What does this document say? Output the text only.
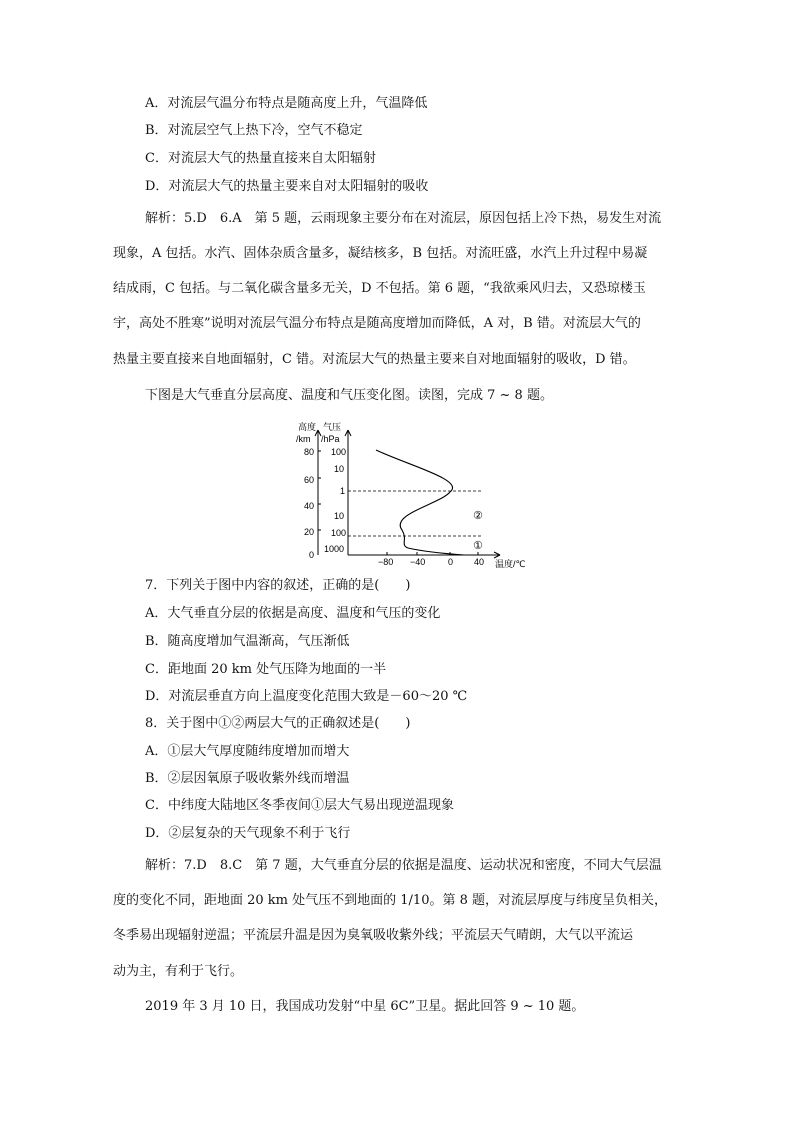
A．对流层气温分布特点是随高度上升，气温降低
B．对流层空气上热下冷，空气不稳定
C．对流层大气的热量直接来自太阳辐射
D．对流层大气的热量主要来自对太阳辐射的吸收
解析：5.D　6.A　第 5 题，云雨现象主要分布在对流层，原因包括上冷下热，易发生对流
现象，A 包括。水汽、固体杂质含量多，凝结核多，B 包括。对流旺盛，水汽上升过程中易凝
结成雨，C 包括。与二氧化碳含量多无关，D 不包括。第 6 题，“我欲乘风归去，又恐琼楼玉
宇，高处不胜寒”说明对流层气温分布特点是随高度增加而降低，A 对，B 错。对流层大气的
热量主要直接来自地面辐射，C 错。对流层大气的热量主要来自对地面辐射的吸收，D 错。
下图是大气垂直分层高度、温度和气压变化图。读图，完成 7 ~ 8 题。
高度
/km
气压
/hPa
80
60
40
20
0
100
10
1
10
100
1000
−80 −40	0 40 温度/℃
②
①
7．下列关于图中内容的叙述，正确的是(　　)
A．大气垂直分层的依据是高度、温度和气压的变化
B．随高度增加气温渐高，气压渐低
C．距地面 20 km 处气压降为地面的一半
D．对流层垂直方向上温度变化范围大致是－60～20 ℃
8．关于图中①②两层大气的正确叙述是(　　)
A．①层大气厚度随纬度增加而增大
B．②层因氧原子吸收紫外线而增温
C．中纬度大陆地区冬季夜间①层大气易出现逆温现象
D．②层复杂的天气现象不利于飞行
解析：7.D　8.C　第 7 题，大气垂直分层的依据是温度、运动状况和密度，不同大气层温
度的变化不同，距地面 20 km 处气压不到地面的 1/10。第 8 题，对流层厚度与纬度呈负相关，
冬季易出现辐射逆温；平流层升温是因为臭氧吸收紫外线；平流层天气晴朗，大气以平流运
动为主，有利于飞行。
2019 年 3 月 10 日，我国成功发射“中星 6C”卫星。据此回答 9 ~ 10 题。
